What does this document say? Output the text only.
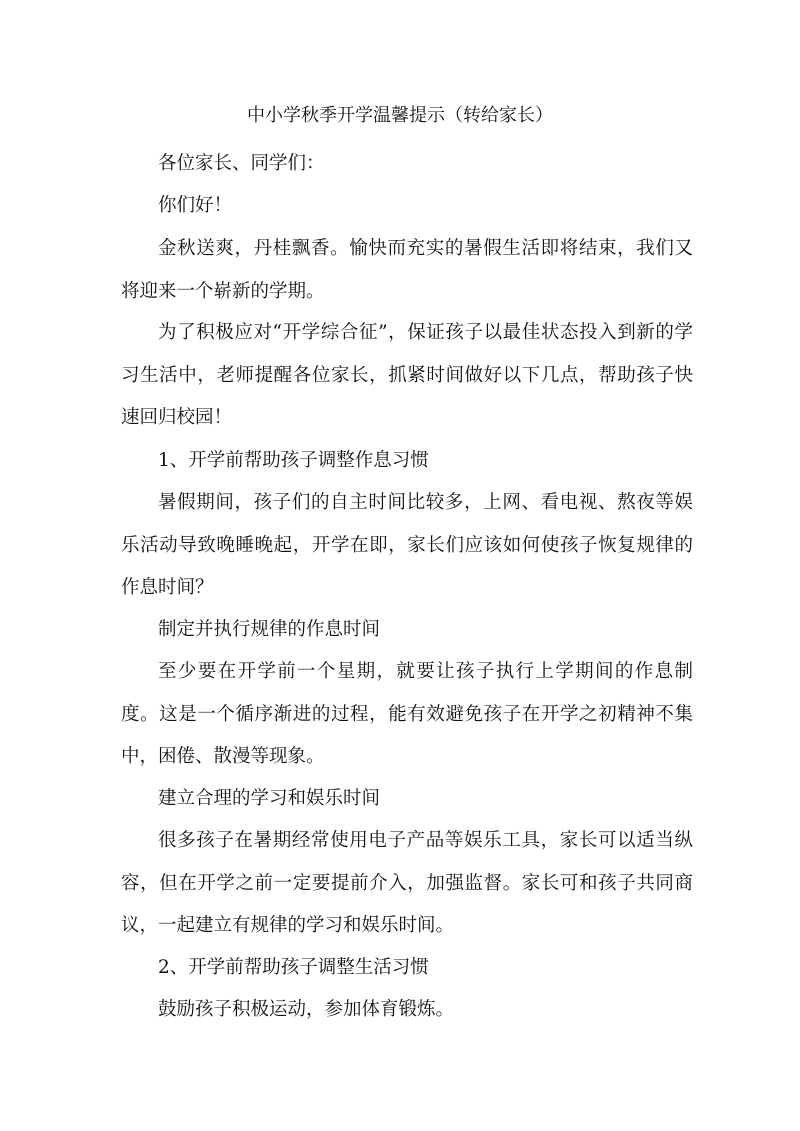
中小学秋季开学温馨提示（转给家长）
各位家长、同学们：
你们好！
金秋送爽，丹桂飘香。愉快而充实的暑假生活即将结束，我们又将迎来一个崭新的学期。
为了积极应对“开学综合征”，保证孩子以最佳状态投入到新的学习生活中，老师提醒各位家长，抓紧时间做好以下几点，帮助孩子快速回归校园！
1、开学前帮助孩子调整作息习惯
暑假期间，孩子们的自主时间比较多，上网、看电视、熬夜等娱乐活动导致晚睡晚起，开学在即，家长们应该如何使孩子恢复规律的作息时间？
制定并执行规律的作息时间
至少要在开学前一个星期，就要让孩子执行上学期间的作息制度。这是一个循序渐进的过程，能有效避免孩子在开学之初精神不集中，困倦、散漫等现象。
建立合理的学习和娱乐时间
很多孩子在暑期经常使用电子产品等娱乐工具，家长可以适当纵容，但在开学之前一定要提前介入，加强监督。家长可和孩子共同商议，一起建立有规律的学习和娱乐时间。
2、开学前帮助孩子调整生活习惯
鼓励孩子积极运动，参加体育锻炼。
